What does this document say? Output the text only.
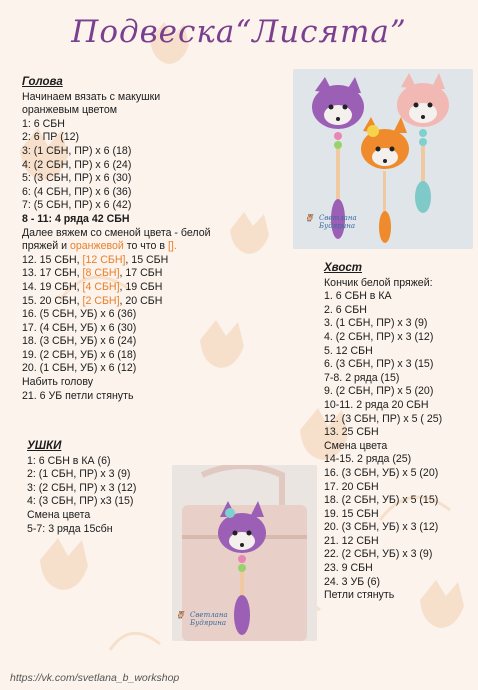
Подвеска“Лисята”
Голова
Начинаем вязать с макушки
оранжевым цветом
1: 6 СБН
2: 6 ПР (12)
3: (1 СБН, ПР) х 6 (18)
4: (2 СБН, ПР) х 6 (24)
5: (3 СБН, ПР) х 6 (30)
6: (4 СБН, ПР) х 6 (36)
7: (5 СБН, ПР) х 6 (42)
8 - 11: 4 ряда 42 СБН
Далее вяжем со сменой цвета - белой
пряжей и оранжевой то что в [].
12. 15 СБН, [12 СБН], 15 СБН
13. 17 СБН, [8 СБН], 17 СБН
14. 19 СБН, [4 СБН], 19 СБН
15. 20 СБН, [2 СБН], 20 СБН
16. (5 СБН, УБ) х 6 (36)
17. (4 СБН, УБ) х 6 (30)
18. (3 СБН, УБ) х 6 (24)
19. (2 СБН, УБ) х 6 (18)
20. (1 СБН, УБ) х 6 (12)
Набить голову
21. 6 УБ петли стянуть
УШКИ
1: 6 СБН в КА (6)
2: (1 СБН, ПР) х 3 (9)
3: (2 СБН, ПР) х 3 (12)
4: (3 СБН, ПР) х3 (15)
Смена цвета
5-7: 3 ряда 15сбн
Хвост
Кончик белой пряжей:
1. 6 СБН в КА
2. 6 СБН
3. (1 СБН, ПР) х 3 (9)
4. (2 СБН, ПР) х 3 (12)
5. 12 СБН
6. (3 СБН, ПР) х 3 (15)
7-8. 2 ряда (15)
9. (2 СБН, ПР) х 5 (20)
10-11. 2 ряда 20 СБН
12. (3 СБН, ПР) х 5 ( 25)
13. 25 СБН
Смена цвета
14-15. 2 ряда (25)
16. (3 СБН, УБ) х 5 (20)
17. 20 СБН
18. (2 СБН, УБ) х 5 (15)
19. 15 СБН
20. (3 СБН, УБ) х 3 (12)
21. 12 СБН
22. (2 СБН, УБ) х 3 (9)
23. 9 СБН
24. 3 УБ (6)
Петли стянуть
🦉 Светлана
Будярина
🦉 Светлана
Будярина
https://vk.com/svetlana_b_workshop
